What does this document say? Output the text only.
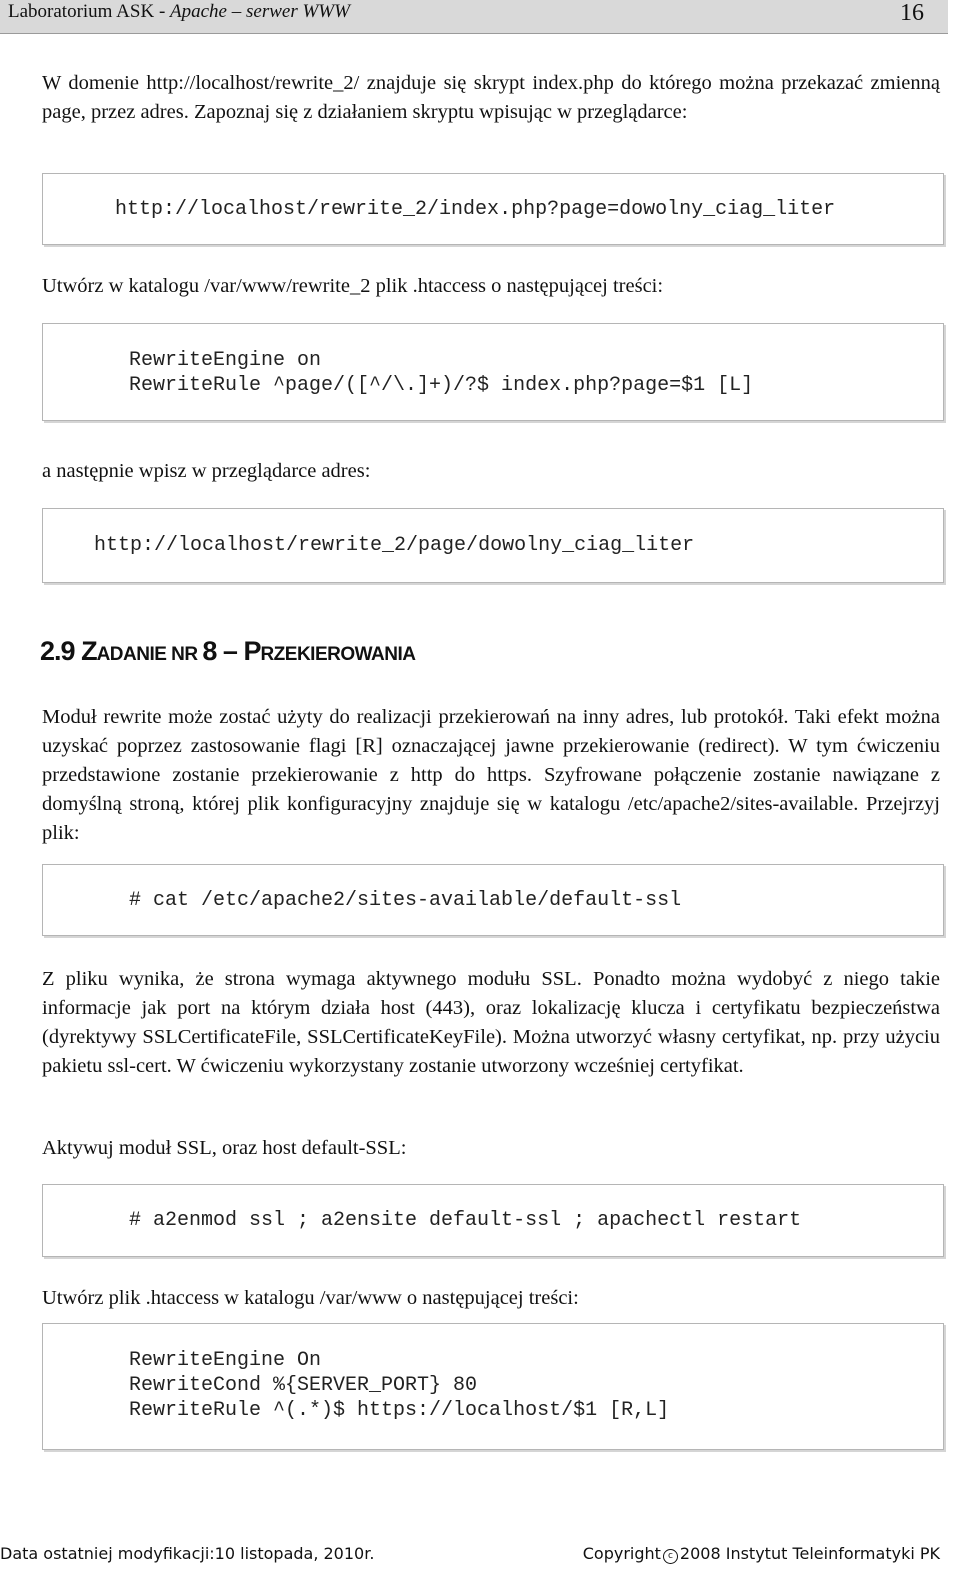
Laboratorium ASK - Apache – serwer WWW	16
W domenie http://localhost/rewrite_2/ znajduje się skrypt index.php do którego można przekazać zmienną page, przez adres. Zapoznaj się z działaniem skryptu wpisując w przeglądarce:
http://localhost/rewrite_2/index.php?page=dowolny_ciag_liter
Utwórz w katalogu /var/www/rewrite_2 plik .htaccess o następującej treści:
RewriteEngine on
RewriteRule ^page/([^/\.]+)/?$ index.php?page=$1 [L]
a następnie wpisz w przeglądarce adres:
http://localhost/rewrite_2/page/dowolny_ciag_liter
2.9 ZADANIE NR 8 – PRZEKIEROWANIA
Moduł rewrite może zostać użyty do realizacji przekierowań na inny adres, lub protokół. Taki efekt można uzyskać poprzez zastosowanie flagi [R] oznaczającej jawne przekierowanie (redirect). W tym ćwiczeniu przedstawione zostanie przekierowanie z http do https. Szyfrowane połączenie zostanie nawiązane z domyślną stroną, której plik konfiguracyjny znajduje się w katalogu /etc/apache2/sites-available. Przejrzyj plik:
# cat /etc/apache2/sites-available/default-ssl
Z pliku wynika, że strona wymaga aktywnego modułu SSL. Ponadto można wydobyć z niego takie informacje jak port na którym działa host (443), oraz lokalizację klucza i certyfikatu bezpieczeństwa (dyrektywy SSLCertificateFile, SSLCertificateKeyFile). Można utworzyć własny certyfikat, np. przy użyciu pakietu ssl-cert. W ćwiczeniu wykorzystany zostanie utworzony wcześniej certyfikat.
Aktywuj moduł SSL, oraz host default-SSL:
# a2enmod ssl ; a2ensite default-ssl ; apachectl restart
Utwórz plik .htaccess w katalogu /var/www o następującej treści:
RewriteEngine On
RewriteCond %{SERVER_PORT} 80
RewriteRule ^(.*)$ https://localhost/$1 [R,L]
Data ostatniej modyfikacji:10 listopada, 2010r.	Copyright c 2008 Instytut Teleinformatyki PK
